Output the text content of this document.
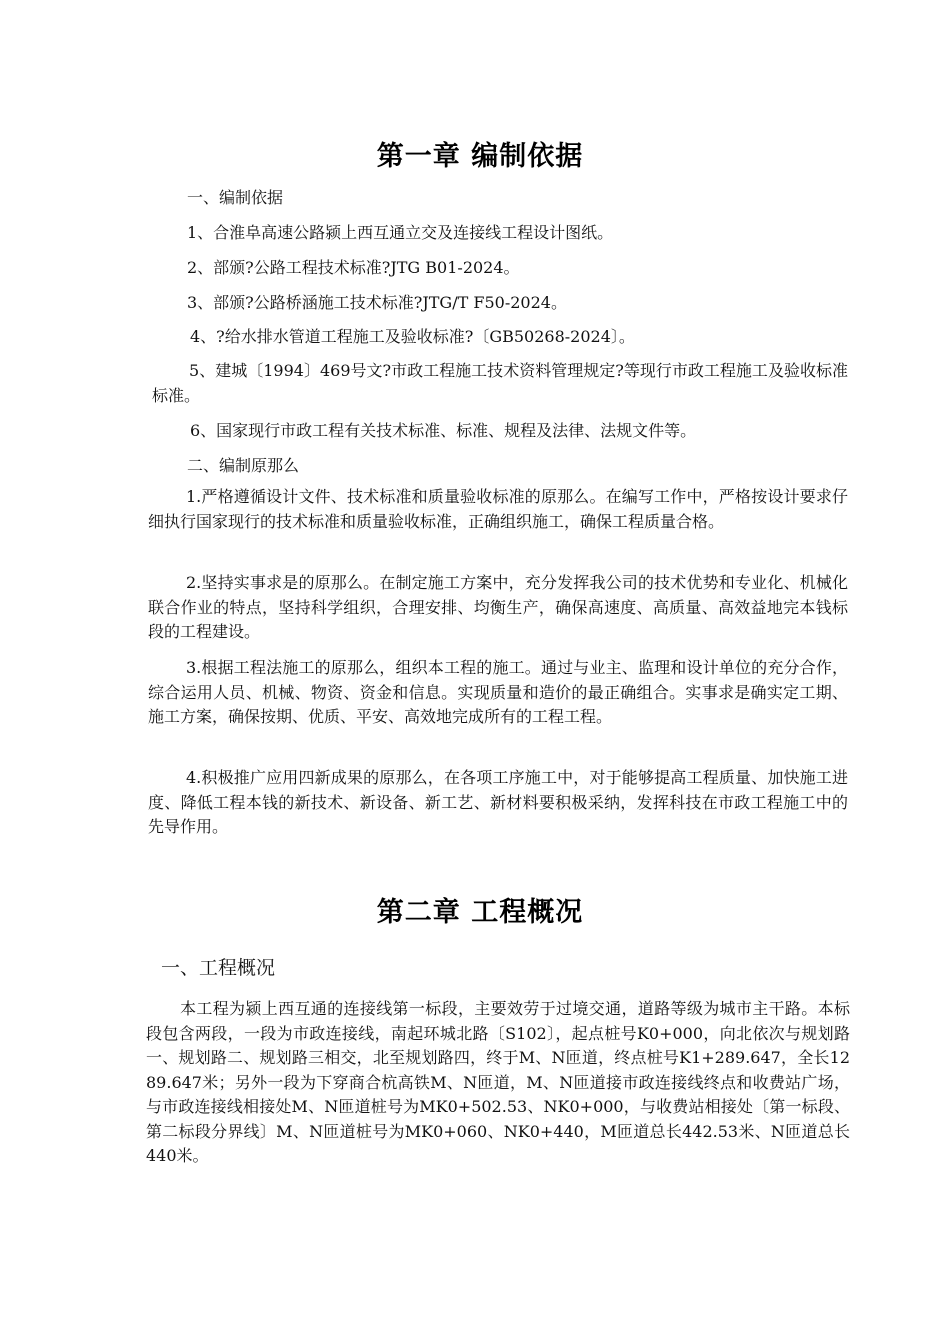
第一章 编制依据
一、编制依据
1、合淮阜高速公路颍上西互通立交及连接线工程设计图纸。
2、部颁?公路工程技术标准?JTG B01-2024。
3、部颁?公路桥涵施工技术标准?JTG/T F50-2024。
4、?给水排水管道工程施工及验收标准?〔GB50268-2024〕。
5、建城〔1994〕469号文?市政工程施工技术资料管理规定?等现行市政工程施工及验收标准标准。
6、国家现行市政工程有关技术标准、标准、规程及法律、法规文件等。
二、编制原那么
1.严格遵循设计文件、技术标准和质量验收标准的原那么。在编写工作中，严格按设计要求仔细执行国家现行的技术标准和质量验收标准，正确组织施工，确保工程质量合格。
2.坚持实事求是的原那么。在制定施工方案中，充分发挥我公司的技术优势和专业化、机械化联合作业的特点，坚持科学组织，合理安排、均衡生产，确保高速度、高质量、高效益地完本钱标段的工程建设。
3.根据工程法施工的原那么，组织本工程的施工。通过与业主、监理和设计单位的充分合作，综合运用人员、机械、物资、资金和信息。实现质量和造价的最正确组合。实事求是确实定工期、施工方案，确保按期、优质、平安、高效地完成所有的工程工程。
4.积极推广应用四新成果的原那么，在各项工序施工中，对于能够提高工程质量、加快施工进度、降低工程本钱的新技术、新设备、新工艺、新材料要积极采纳，发挥科技在市政工程施工中的先导作用。
第二章 工程概况
一、工程概况
本工程为颍上西互通的连接线第一标段，主要效劳于过境交通，道路等级为城市主干路。本标段包含两段，一段为市政连接线，南起环城北路〔S102〕，起点桩号K0+000，向北依次与规划路一、规划路二、规划路三相交，北至规划路四，终于M、N匝道，终点桩号K1+289.647，全长1289.647米；另外一段为下穿商合杭高铁M、N匝道，M、N匝道接市政连接线终点和收费站广场，与市政连接线相接处M、N匝道桩号为MK0+502.53、NK0+000，与收费站相接处〔第一标段、第二标段分界线〕M、N匝道桩号为MK0+060、NK0+440，M匝道总长442.53米、N匝道总长440米。
